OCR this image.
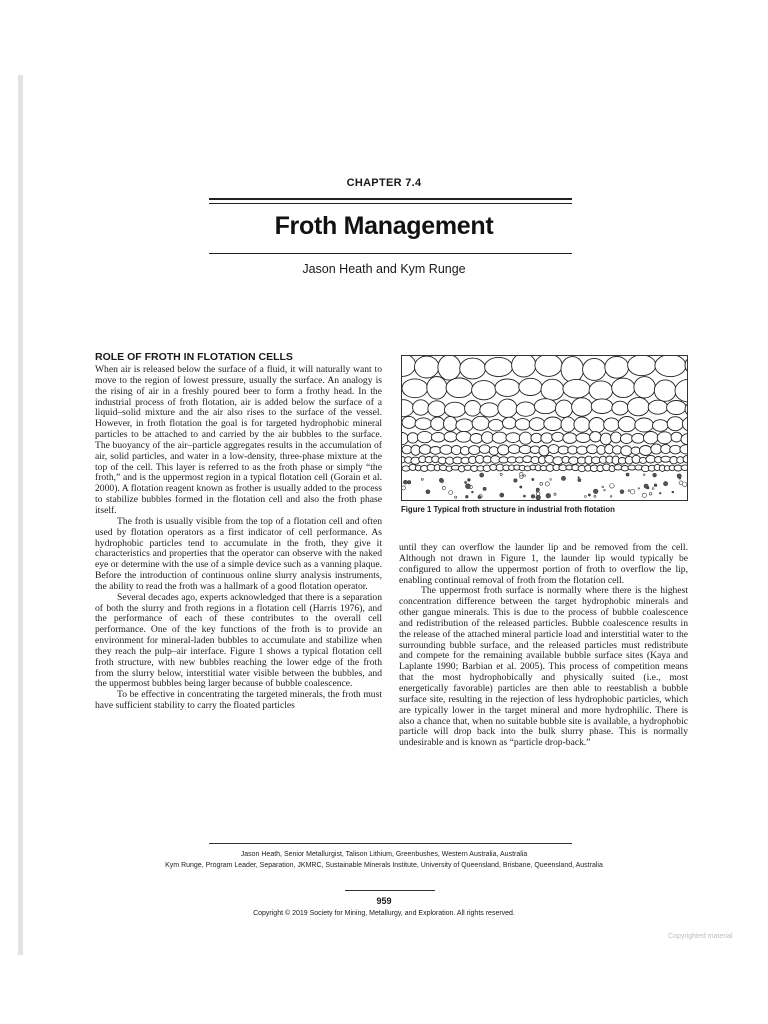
CHAPTER 7.4
Froth Management
Jason Heath and Kym Runge
ROLE OF FROTH IN FLOTATION CELLS

When air is released below the surface of a fluid, it will naturally want to move to the region of lowest pressure, usually the surface. An analogy is the rising of air in a freshly poured beer to form a frothy head. In the industrial process of froth flotation, air is added below the surface of a liquid–solid mixture and the air also rises to the surface of the vessel. However, in froth flotation the goal is for targeted hydrophobic mineral particles to be attached to and carried by the air bubbles to the surface. The buoyancy of the air–particle aggregates results in the accumulation of air, solid particles, and water in a low-density, three-phase mixture at the top of the cell. This layer is referred to as the froth phase or simply “the froth,” and is the uppermost region in a typical flotation cell (Gorain et al. 2000). A flotation reagent known as frother is usually added to the process to stabilize bubbles formed in the flotation cell and also the froth phase itself.

The froth is usually visible from the top of a flotation cell and often used by flotation operators as a first indicator of cell performance. As hydrophobic particles tend to accumulate in the froth, they give it characteristics and properties that the operator can observe with the naked eye or determine with the use of a simple device such as a vanning plaque. Before the introduction of continuous online slurry analysis instruments, the ability to read the froth was a hallmark of a good flotation operator.

Several decades ago, experts acknowledged that there is a separation of both the slurry and froth regions in a flotation cell (Harris 1976), and the performance of each of these contributes to the overall cell performance. One of the key functions of the froth is to provide an environment for mineral-laden bubbles to accumulate and stabilize when they reach the pulp–air interface. Figure 1 shows a typical flotation cell froth structure, with new bubbles reaching the lower edge of the froth from the slurry below, interstitial water visible between the bubbles, and the uppermost bubbles being larger because of bubble coalescence.

To be effective in concentrating the targeted minerals, the froth must have sufficient stability to carry the floated particles

Figure 1 Typical froth structure in industrial froth flotation

until they can overflow the launder lip and be removed from the cell. Although not drawn in Figure 1, the launder lip would typically be configured to allow the uppermost portion of froth to overflow the lip, enabling continual removal of froth from the flotation cell.

The uppermost froth surface is normally where there is the highest concentration difference between the target hydrophobic minerals and other gangue minerals. This is due to the process of bubble coalescence and redistribution of the released particles. Bubble coalescence results in the release of the attached mineral particle load and interstitial water to the surrounding bubble surface, and the released particles must redistribute and compete for the remaining available bubble surface sites (Kaya and Laplante 1990; Barbian et al. 2005). This process of competition means that the most hydrophobically and physically suited (i.e., most energetically favorable) particles are then able to reestablish a bubble surface site, resulting in the rejection of less hydrophobic particles, which are typically lower in the target mineral and more hydrophilic. There is also a chance that, when no suitable bubble site is available, a hydrophobic particle will drop back into the bulk slurry phase. This is normally undesirable and is known as “particle drop-back.”

Jason Heath, Senior Metallurgist, Talison Lithium, Greenbushes, Western Australia, Australia
Kym Runge, Program Leader, Separation, JKMRC, Sustainable Minerals Institute, University of Queensland, Brisbane, Queensland, Australia
959
Copyright © 2019 Society for Mining, Metallurgy, and Exploration. All rights reserved.
Copyrighted material
